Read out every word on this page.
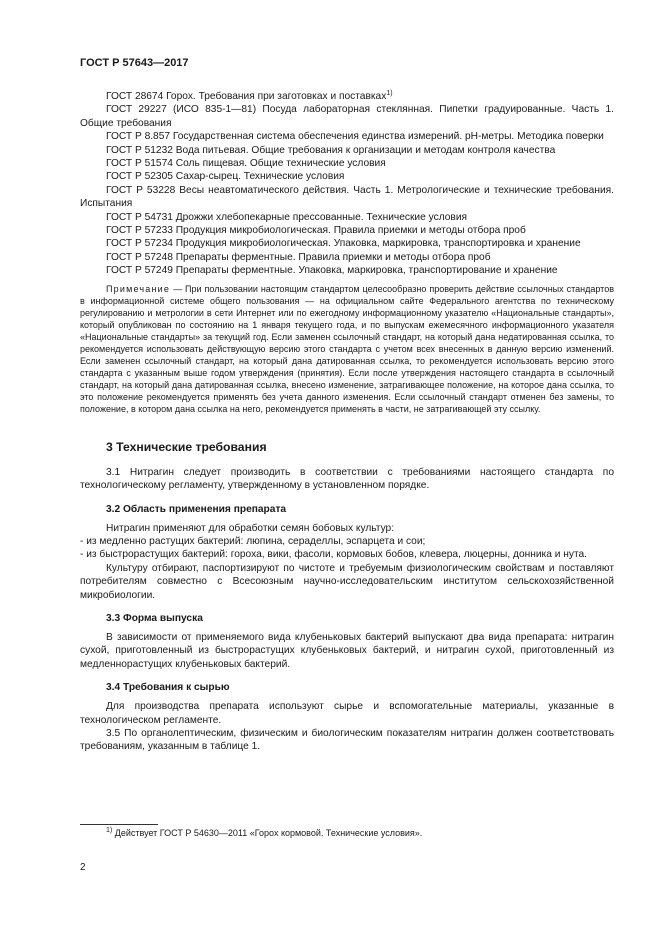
ГОСТ Р 57643—2017

ГОСТ 28674 Горох. Требования при заготовках и поставках$^{1)}$

ГОСТ 29227 (ИСО 835-1—81) Посуда лабораторная стеклянная. Пипетки градуированные. Часть 1. Общие требования

ГОСТ Р 8.857 Государственная система обеспечения единства измерений. pH-метры. Методика поверки

ГОСТ Р 51232 Вода питьевая. Общие требования к организации и методам контроля качества

ГОСТ Р 51574 Соль пищевая. Общие технические условия

ГОСТ Р 52305 Сахар-сырец. Технические условия

ГОСТ Р 53228 Весы неавтоматического действия. Часть 1. Метрологические и технические требования. Испытания

ГОСТ Р 54731 Дрожжи хлебопекарные прессованные. Технические условия

ГОСТ Р 57233 Продукция микробиологическая. Правила приемки и методы отбора проб

ГОСТ Р 57234 Продукция микробиологическая. Упаковка, маркировка, транспортировка и хранение

ГОСТ Р 57248 Препараты ферментные. Правила приемки и методы отбора проб

ГОСТ Р 57249 Препараты ферментные. Упаковка, маркировка, транспортирование и хранение

Примечание — При пользовании настоящим стандартом целесообразно проверить действие ссылочных стандартов в информационной системе общего пользования — на официальном сайте Федерального агентства по техническому регулированию и метрологии в сети Интернет или по ежегодному информационному указателю «Национальные стандарты», который опубликован по состоянию на 1 января текущего года, и по выпускам ежемесячного информационного указателя «Национальные стандарты» за текущий год. Если заменен ссылочный стандарт, на который дана недатированная ссылка, то рекомендуется использовать действующую версию этого стандарта с учетом всех внесенных в данную версию изменений. Если заменен ссылочный стандарт, на который дана датированная ссылка, то рекомендуется использовать версию этого стандарта с указанным выше годом утверждения (принятия). Если после утверждения настоящего стандарта в ссылочный стандарт, на который дана датированная ссылка, внесено изменение, затрагивающее положение, на которое дана ссылка, то это положение рекомендуется применять без учета данного изменения. Если ссылочный стандарт отменен без замены, то положение, в котором дана ссылка на него, рекомендуется применять в части, не затрагивающей эту ссылку.

3 Технические требования

3.1 Нитрагин следует производить в соответствии с требованиями настоящего стандарта по технологическому регламенту, утвержденному в установленном порядке.

3.2 Область применения препарата

Нитрагин применяют для обработки семян бобовых культур:

- из медленно растущих бактерий: люпина, сераделлы, эспарцета и сои;

- из быстрорастущих бактерий: гороха, вики, фасоли, кормовых бобов, клевера, люцерны, донника и нута.

Культуру отбирают, паспортизируют по чистоте и требуемым физиологическим свойствам и поставляют потребителям совместно с Всесоюзным научно-исследовательским институтом сельскохозяйственной микробиологии.

3.3 Форма выпуска

В зависимости от применяемого вида клубеньковых бактерий выпускают два вида препарата: нитрагин сухой, приготовленный из быстрорастущих клубеньковых бактерий, и нитрагин сухой, приготовленный из медленнорастущих клубеньковых бактерий.

3.4 Требования к сырью

Для производства препарата используют сырье и вспомогательные материалы, указанные в технологическом регламенте.

3.5 По органолептическим, физическим и биологическим показателям нитрагин должен соответствовать требованиям, указанным в таблице 1.

$^{1)}$ Действует ГОСТ Р 54630—2011 «Горох кормовой. Технические условия».
2
